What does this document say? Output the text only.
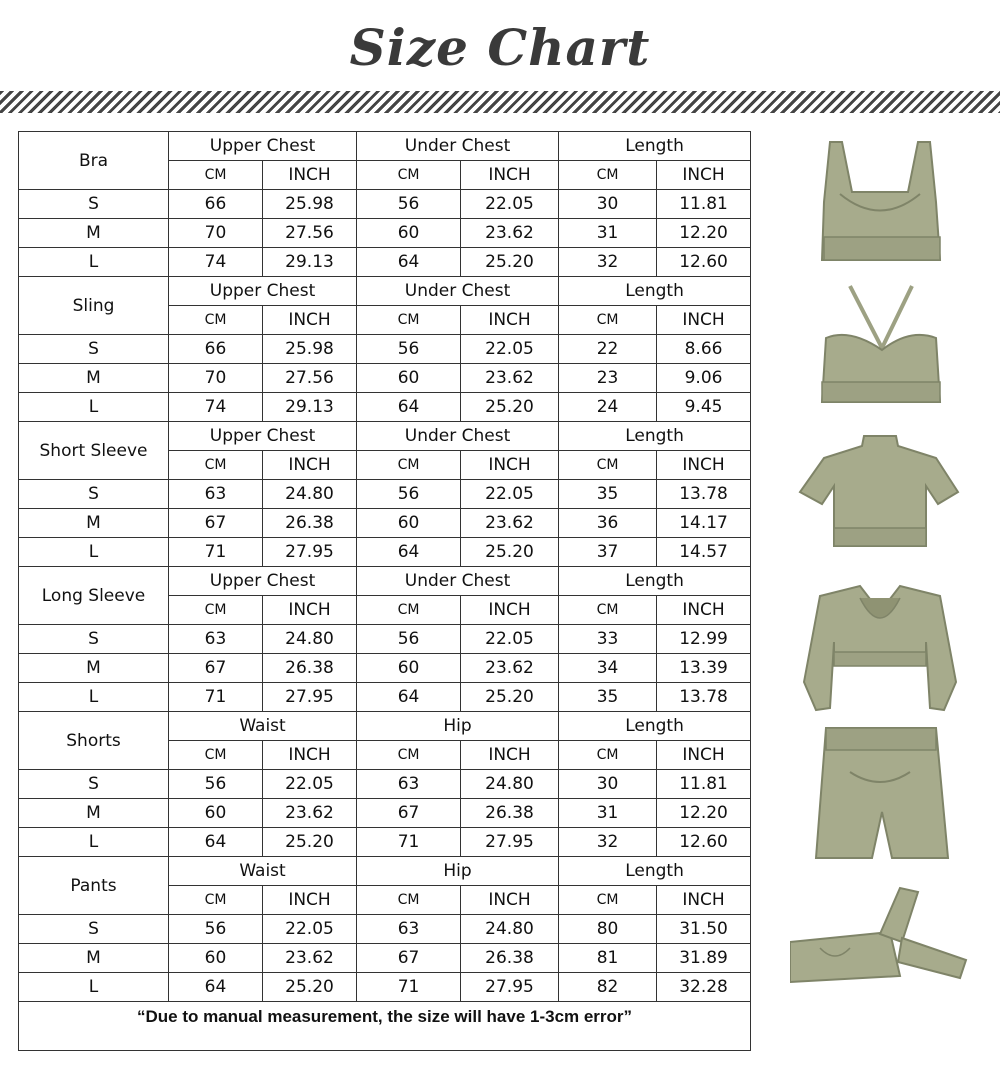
Size Chart
Bra	Upper Chest		Under Chest		Length	
	CM	INCH	CM	INCH	CM	INCH
S	66	25.98	56	22.05	30	11.81
M	70	27.56	60	23.62	31	12.20
L	74	29.13	64	25.20	32	12.60
Sling	Upper Chest		Under Chest		Length	
	CM	INCH	CM	INCH	CM	INCH
S	66	25.98	56	22.05	22	8.66
M	70	27.56	60	23.62	23	9.06
L	74	29.13	64	25.20	24	9.45
Short Sleeve	Upper Chest		Under Chest		Length	
	CM	INCH	CM	INCH	CM	INCH
S	63	24.80	56	22.05	35	13.78
M	67	26.38	60	23.62	36	14.17
L	71	27.95	64	25.20	37	14.57
Long Sleeve	Upper Chest		Under Chest		Length	
	CM	INCH	CM	INCH	CM	INCH
S	63	24.80	56	22.05	33	12.99
M	67	26.38	60	23.62	34	13.39
L	71	27.95	64	25.20	35	13.78
Shorts	Waist		Hip		Length	
	CM	INCH	CM	INCH	CM	INCH
S	56	22.05	63	24.80	30	11.81
M	60	23.62	67	26.38	31	12.20
L	64	25.20	71	27.95	32	12.60
Pants	Waist		Hip		Length	
	CM	INCH	CM	INCH	CM	INCH
S	56	22.05	63	24.80	80	31.50
M	60	23.62	67	26.38	81	31.89
L	64	25.20	71	27.95	82	32.28
“Due to manual measurement, the size will have 1-3cm error”						
